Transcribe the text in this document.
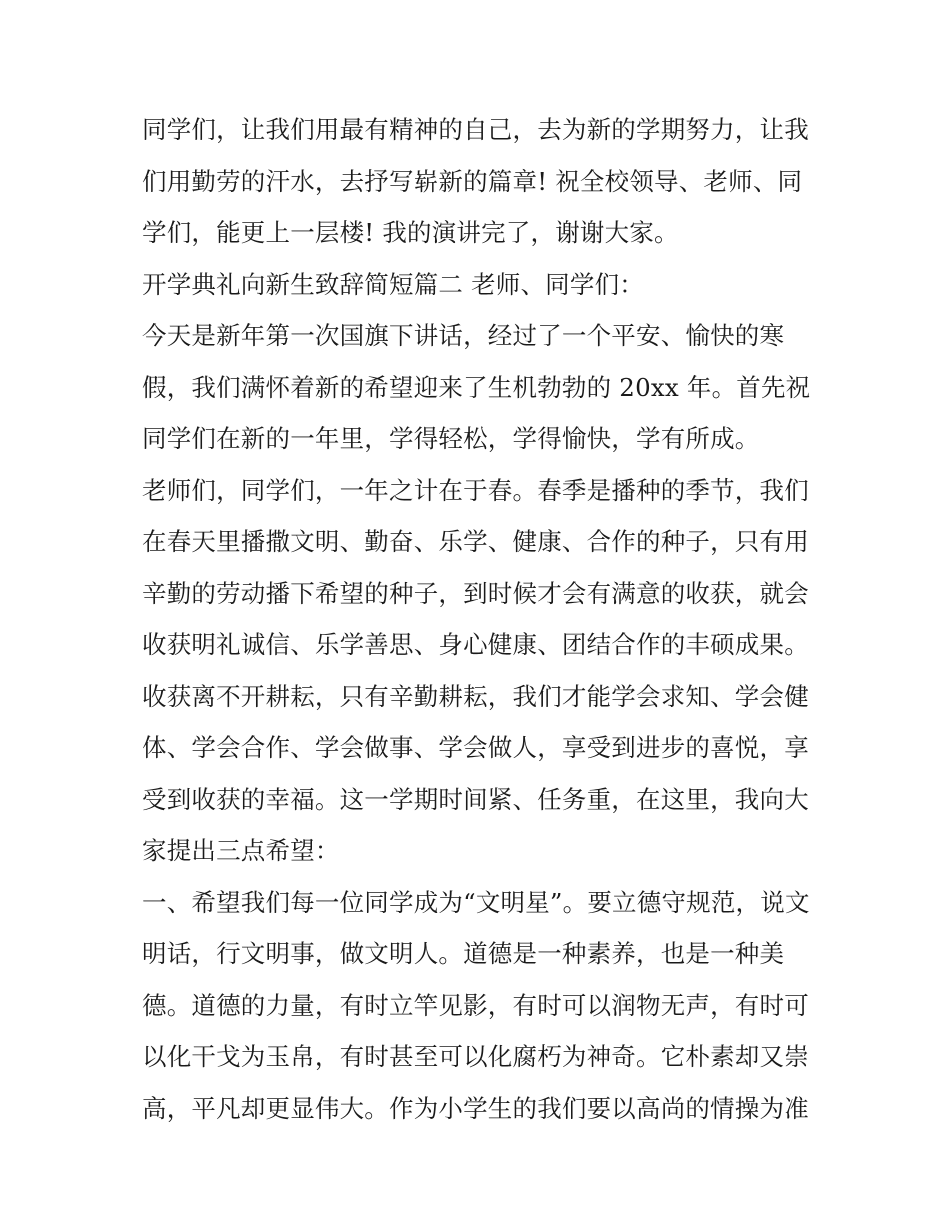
同学们，让我们用最有精神的自己，去为新的学期努力，让我
们用勤劳的汗水，去抒写崭新的篇章! 祝全校领导、老师、同
学们，能更上一层楼! 我的演讲完了，谢谢大家。
开学典礼向新生致辞简短篇二 老师、同学们：
今天是新年第一次国旗下讲话，经过了一个平安、愉快的寒
假，我们满怀着新的希望迎来了生机勃勃的 20xx 年。首先祝
同学们在新的一年里，学得轻松，学得愉快，学有所成。
老师们，同学们，一年之计在于春。春季是播种的季节，我们
在春天里播撒文明、勤奋、乐学、健康、合作的种子，只有用
辛勤的劳动播下希望的种子，到时候才会有满意的收获，就会
收获明礼诚信、乐学善思、身心健康、团结合作的丰硕成果。
收获离不开耕耘，只有辛勤耕耘，我们才能学会求知、学会健
体、学会合作、学会做事、学会做人，享受到进步的喜悦，享
受到收获的幸福。这一学期时间紧、任务重，在这里，我向大
家提出三点希望：
一、希望我们每一位同学成为“文明星”。要立德守规范，说文
明话，行文明事，做文明人。道德是一种素养，也是一种美
德。道德的力量，有时立竿见影，有时可以润物无声，有时可
以化干戈为玉帛，有时甚至可以化腐朽为神奇。它朴素却又崇
高，平凡却更显伟大。作为小学生的我们要以高尚的情操为准
